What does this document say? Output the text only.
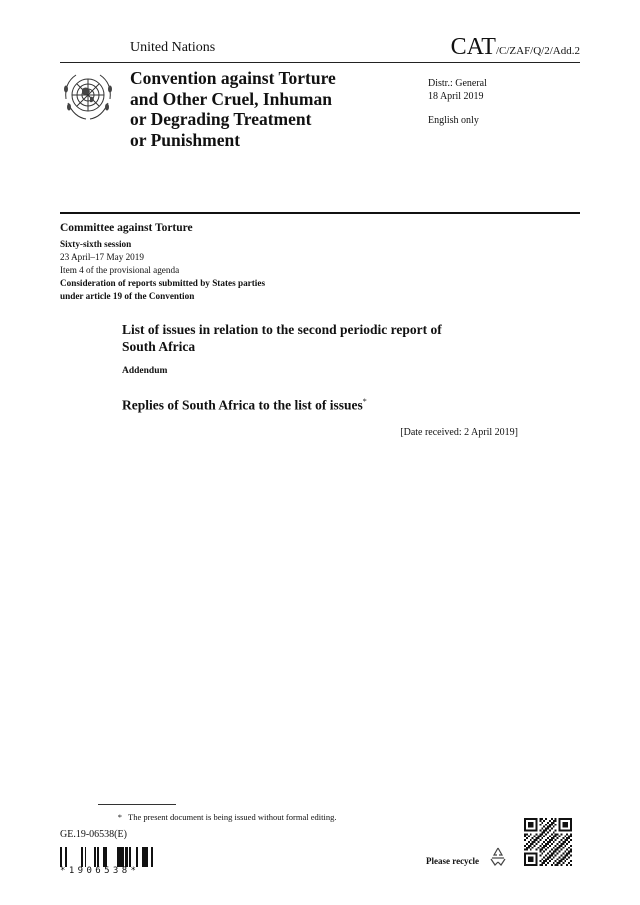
United Nations	CAT/C/ZAF/Q/2/Add.2
Convention against Torture
and Other Cruel, Inhuman
or Degrading Treatment
or Punishment
Distr.: General
18 April 2019
English only
Committee against Torture
Sixty-sixth session
23 April–17 May 2019
Item 4 of the provisional agenda
Consideration of reports submitted by States parties
under article 19 of the Convention
List of issues in relation to the second periodic report of
South Africa
Addendum
Replies of South Africa to the list of issues*
[Date received: 2 April 2019]
* The present document is being issued without formal editing.
GE.19-06538(E)
*1906538*
Please recycle
